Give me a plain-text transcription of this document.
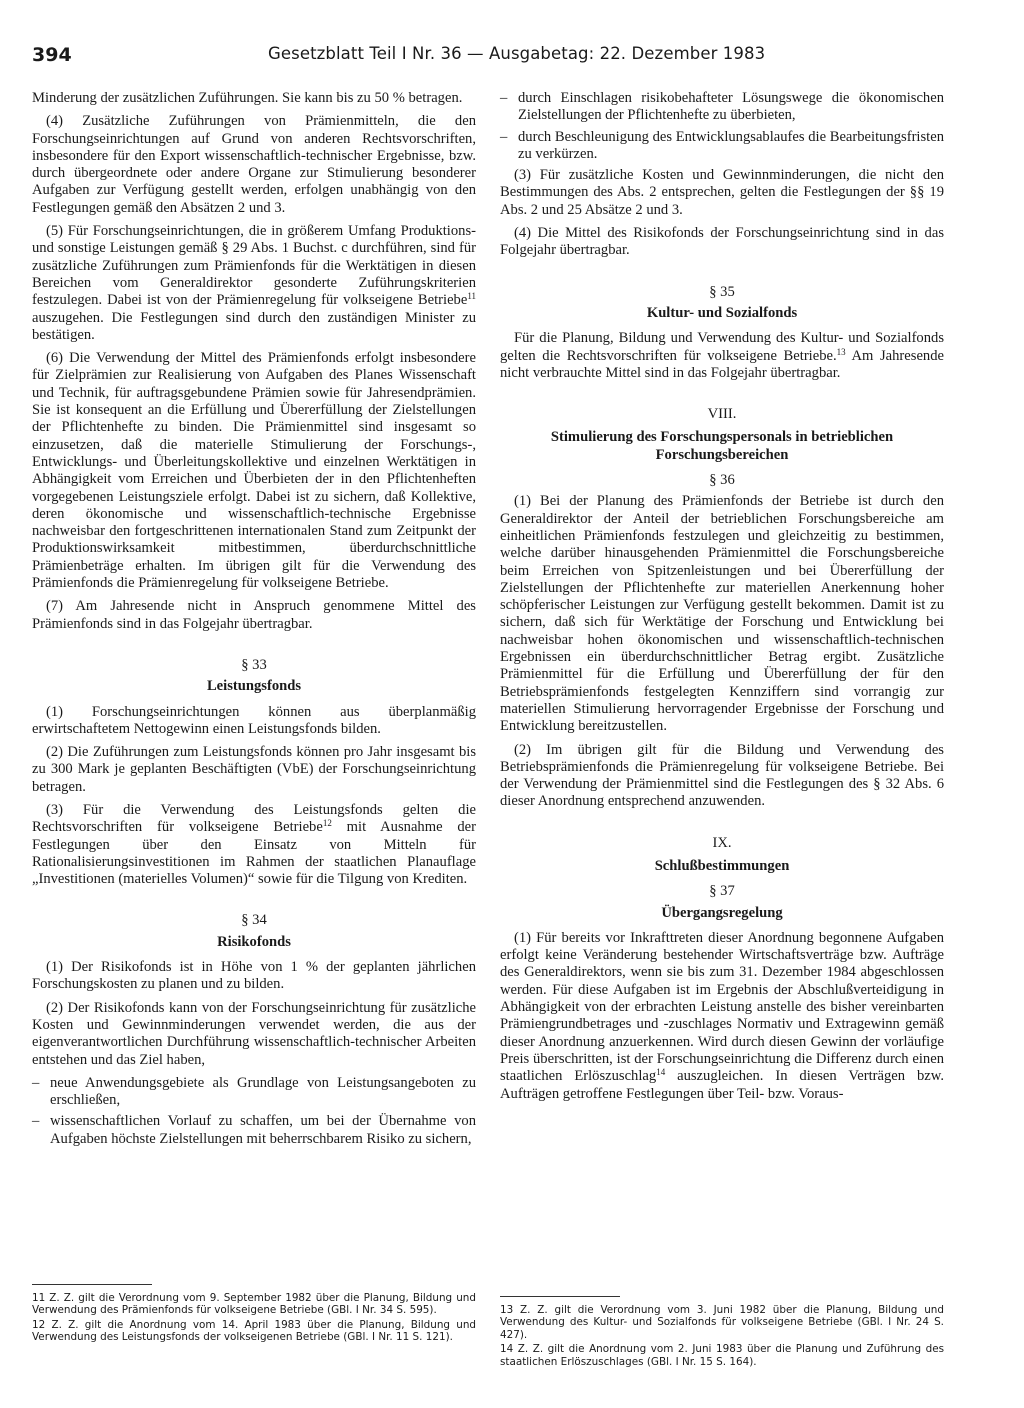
394	Gesetzblatt Teil I Nr. 36 — Ausgabetag: 22. Dezember 1983

Minderung der zusätzlichen Zuführungen. Sie kann bis zu 50 % betragen.

(4) Zusätzliche Zuführungen von Prämienmitteln, die den Forschungseinrichtungen auf Grund von anderen Rechtsvorschriften, insbesondere für den Export wissenschaftlich-technischer Ergebnisse, bzw. durch übergeordnete oder andere Organe zur Stimulierung besonderer Aufgaben zur Verfügung gestellt werden, erfolgen unabhängig von den Festlegungen gemäß den Absätzen 2 und 3.

(5) Für Forschungseinrichtungen, die in größerem Umfang Produktions- und sonstige Leistungen gemäß § 29 Abs. 1 Buchst. c durchführen, sind für zusätzliche Zuführungen zum Prämienfonds für die Werktätigen in diesen Bereichen vom Generaldirektor gesonderte Zuführungskriterien festzulegen. Dabei ist von der Prämienregelung für volkseigene Betriebe$^{11}$ auszugehen. Die Festlegungen sind durch den zuständigen Minister zu bestätigen.

(6) Die Verwendung der Mittel des Prämienfonds erfolgt insbesondere für Zielprämien zur Realisierung von Aufgaben des Planes Wissenschaft und Technik, für auftragsgebundene Prämien sowie für Jahresendprämien. Sie ist konsequent an die Erfüllung und Übererfüllung der Zielstellungen der Pflichtenhefte zu binden. Die Prämienmittel sind insgesamt so einzusetzen, daß die materielle Stimulierung der Forschungs-, Entwicklungs- und Überleitungskollektive und einzelnen Werktätigen in Abhängigkeit vom Erreichen und Überbieten der in den Pflichtenheften vorgegebenen Leistungsziele erfolgt. Dabei ist zu sichern, daß Kollektive, deren ökonomische und wissenschaftlich-technische Ergebnisse nachweisbar den fortgeschrittenen internationalen Stand zum Zeitpunkt der Produktionswirksamkeit mitbestimmen, überdurchschnittliche Prämienbeträge erhalten. Im übrigen gilt für die Verwendung des Prämienfonds die Prämienregelung für volkseigene Betriebe.

(7) Am Jahresende nicht in Anspruch genommene Mittel des Prämienfonds sind in das Folgejahr übertragbar.

§ 33
Leistungsfonds

(1) Forschungseinrichtungen können aus überplanmäßig erwirtschaftetem Nettogewinn einen Leistungsfonds bilden.

(2) Die Zuführungen zum Leistungsfonds können pro Jahr insgesamt bis zu 300 Mark je geplanten Beschäftigten (VbE) der Forschungseinrichtung betragen.

(3) Für die Verwendung des Leistungsfonds gelten die Rechtsvorschriften für volkseigene Betriebe$^{12}$ mit Ausnahme der Festlegungen über den Einsatz von Mitteln für Rationalisierungsinvestitionen im Rahmen der staatlichen Planauflage „Investitionen (materielles Volumen)“ sowie für die Tilgung von Krediten.

§ 34
Risikofonds

(1) Der Risikofonds ist in Höhe von 1 % der geplanten jährlichen Forschungskosten zu planen und zu bilden.

(2) Der Risikofonds kann von der Forschungseinrichtung für zusätzliche Kosten und Gewinnminderungen verwendet werden, die aus der eigenverantwortlichen Durchführung wissenschaftlich-technischer Arbeiten entstehen und das Ziel haben,

– neue Anwendungsgebiete als Grundlage von Leistungsangeboten zu erschließen,

– wissenschaftlichen Vorlauf zu schaffen, um bei der Übernahme von Aufgaben höchste Zielstellungen mit beherrschbarem Risiko zu sichern,

11 Z. Z. gilt die Verordnung vom 9. September 1982 über die Planung, Bildung und Verwendung des Prämienfonds für volkseigene Betriebe (GBl. I Nr. 34 S. 595).

12 Z. Z. gilt die Anordnung vom 14. April 1983 über die Planung, Bildung und Verwendung des Leistungsfonds der volkseigenen Betriebe (GBl. I Nr. 11 S. 121).

– durch Einschlagen risikobehafteter Lösungswege die ökonomischen Zielstellungen der Pflichtenhefte zu überbieten,

– durch Beschleunigung des Entwicklungsablaufes die Bearbeitungsfristen zu verkürzen.

(3) Für zusätzliche Kosten und Gewinnminderungen, die nicht den Bestimmungen des Abs. 2 entsprechen, gelten die Festlegungen der §§ 19 Abs. 2 und 25 Absätze 2 und 3.

(4) Die Mittel des Risikofonds der Forschungseinrichtung sind in das Folgejahr übertragbar.

§ 35
Kultur- und Sozialfonds

Für die Planung, Bildung und Verwendung des Kultur- und Sozialfonds gelten die Rechtsvorschriften für volkseigene Betriebe.$^{13}$ Am Jahresende nicht verbrauchte Mittel sind in das Folgejahr übertragbar.

VIII.
Stimulierung des Forschungspersonals in betrieblichen Forschungsbereichen
§ 36

(1) Bei der Planung des Prämienfonds der Betriebe ist durch den Generaldirektor der Anteil der betrieblichen Forschungsbereiche am einheitlichen Prämienfonds festzulegen und gleichzeitig zu bestimmen, welche darüber hinausgehenden Prämienmittel die Forschungsbereiche beim Erreichen von Spitzenleistungen und bei Übererfüllung der Zielstellungen der Pflichtenhefte zur materiellen Anerkennung hoher schöpferischer Leistungen zur Verfügung gestellt bekommen. Damit ist zu sichern, daß sich für Werktätige der Forschung und Entwicklung bei nachweisbar hohen ökonomischen und wissenschaftlich-technischen Ergebnissen ein überdurchschnittlicher Betrag ergibt. Zusätzliche Prämienmittel für die Erfüllung und Übererfüllung der für den Betriebsprämienfonds festgelegten Kennziffern sind vorrangig zur materiellen Stimulierung hervorragender Ergebnisse der Forschung und Entwicklung bereitzustellen.

(2) Im übrigen gilt für die Bildung und Verwendung des Betriebsprämienfonds die Prämienregelung für volkseigene Betriebe. Bei der Verwendung der Prämienmittel sind die Festlegungen des § 32 Abs. 6 dieser Anordnung entsprechend anzuwenden.

IX.
Schlußbestimmungen
§ 37
Übergangsregelung

(1) Für bereits vor Inkrafttreten dieser Anordnung begonnene Aufgaben erfolgt keine Veränderung bestehender Wirtschaftsverträge bzw. Aufträge des Generaldirektors, wenn sie bis zum 31. Dezember 1984 abgeschlossen werden. Für diese Aufgaben ist im Ergebnis der Abschlußverteidigung in Abhängigkeit von der erbrachten Leistung anstelle des bisher vereinbarten Prämiengrundbetrages und -zuschlages Normativ und Extragewinn gemäß dieser Anordnung anzuerkennen. Wird durch diesen Gewinn der vorläufige Preis überschritten, ist der Forschungseinrichtung die Differenz durch einen staatlichen Erlöszuschlag$^{14}$ auszugleichen. In diesen Verträgen bzw. Aufträgen getroffene Festlegungen über Teil- bzw. Voraus-

13 Z. Z. gilt die Verordnung vom 3. Juni 1982 über die Planung, Bildung und Verwendung des Kultur- und Sozialfonds für volkseigene Betriebe (GBl. I Nr. 24 S. 427).

14 Z. Z. gilt die Anordnung vom 2. Juni 1983 über die Planung und Zuführung des staatlichen Erlöszuschlages (GBl. I Nr. 15 S. 164).
